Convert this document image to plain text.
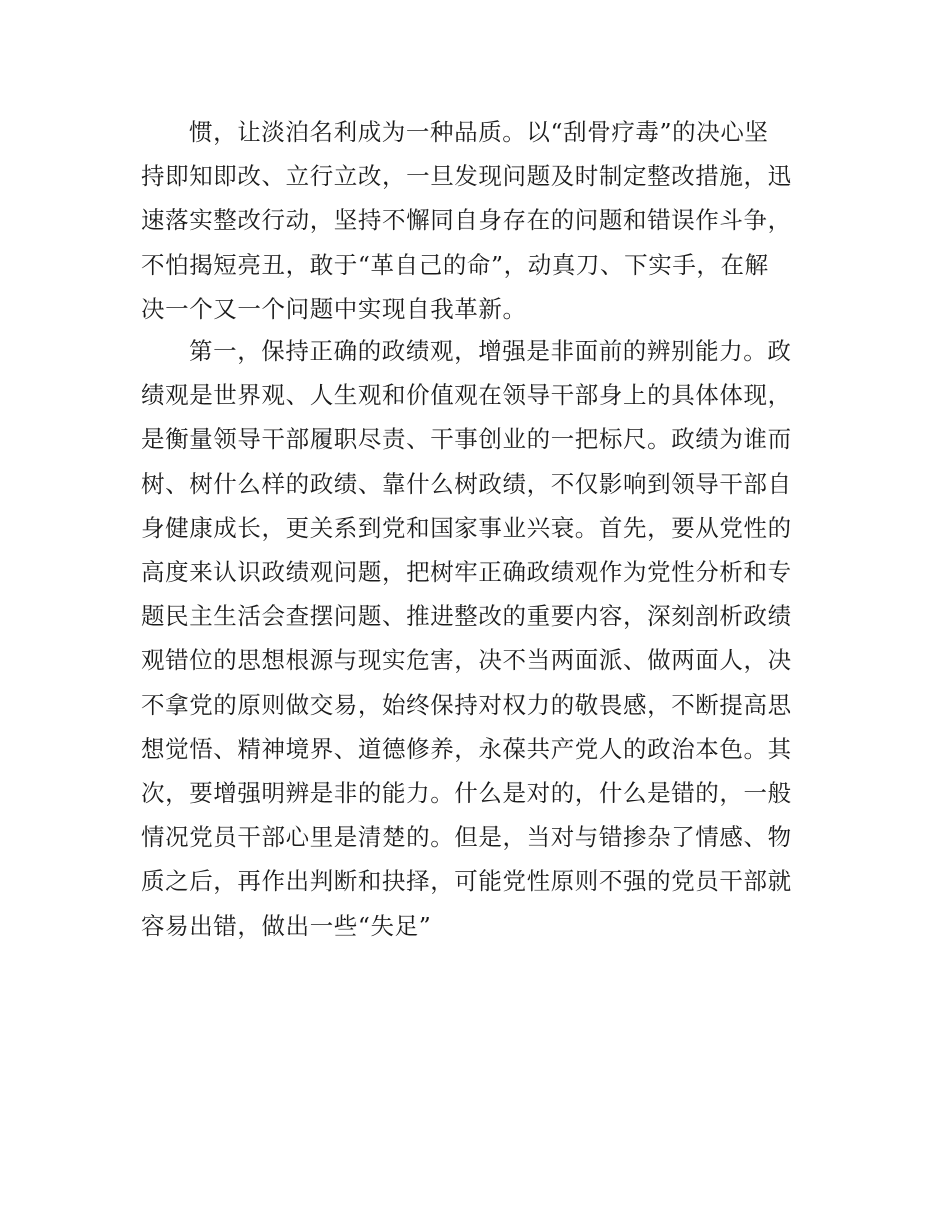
惯，让淡泊名利成为一种品质。以“刮骨疗毒”的决心坚
持即知即改、立行立改，一旦发现问题及时制定整改措施，迅
速落实整改行动，坚持不懈同自身存在的问题和错误作斗争，
不怕揭短亮丑，敢于“革自己的命”，动真刀、下实手，在解
决一个又一个问题中实现自我革新。
第一，保持正确的政绩观，增强是非面前的辨别能力。政
绩观是世界观、人生观和价值观在领导干部身上的具体体现，
是衡量领导干部履职尽责、干事创业的一把标尺。政绩为谁而
树、树什么样的政绩、靠什么树政绩，不仅影响到领导干部自
身健康成长，更关系到党和国家事业兴衰。首先，要从党性的
高度来认识政绩观问题，把树牢正确政绩观作为党性分析和专
题民主生活会查摆问题、推进整改的重要内容，深刻剖析政绩
观错位的思想根源与现实危害，决不当两面派、做两面人，决
不拿党的原则做交易，始终保持对权力的敬畏感，不断提高思
想觉悟、精神境界、道德修养，永葆共产党人的政治本色。其
次，要增强明辨是非的能力。什么是对的，什么是错的，一般
情况党员干部心里是清楚的。但是，当对与错掺杂了情感、物
质之后，再作出判断和抉择，可能党性原则不强的党员干部就
容易出错，做出一些“失足”
